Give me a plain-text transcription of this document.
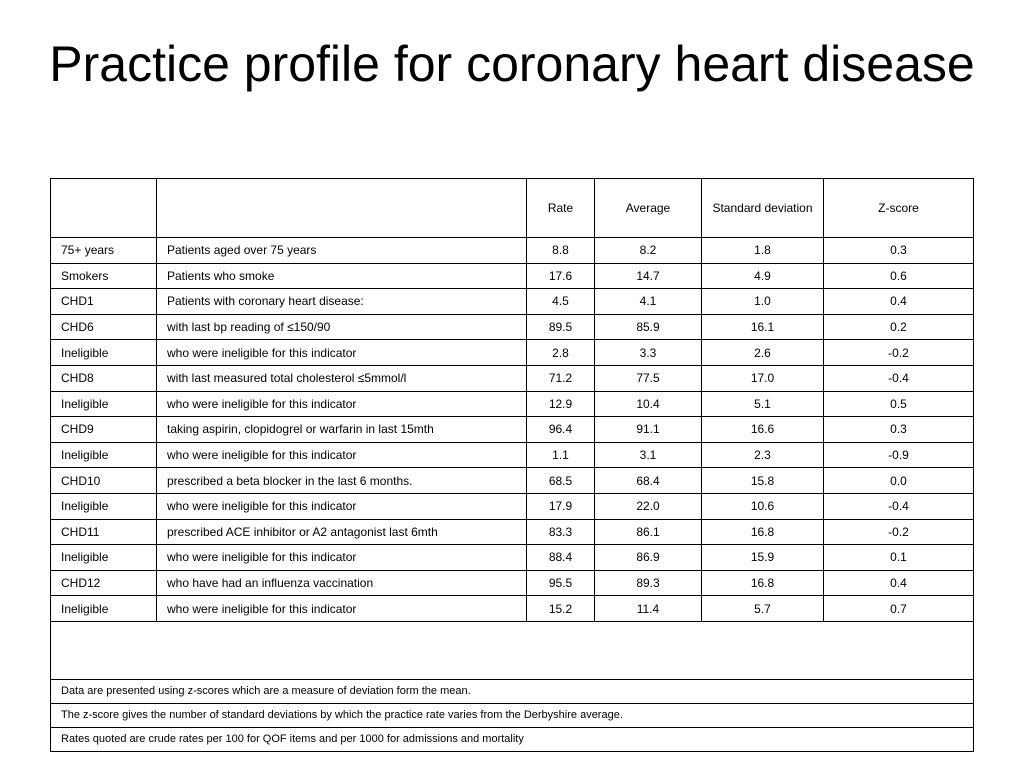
Practice profile for coronary heart disease
		Rate	Average	Standard deviation	Z-score
75+ years	Patients aged over 75 years	8.8	8.2	1.8	0.3
Smokers	Patients who smoke	17.6	14.7	4.9	0.6
CHD1	Patients with coronary heart disease:	4.5	4.1	1.0	0.4
CHD6	with last bp reading of ≤150/90	89.5	85.9	16.1	0.2
Ineligible	who were ineligible for this indicator	2.8	3.3	2.6	-0.2
CHD8	with last measured total cholesterol ≤5mmol/l	71.2	77.5	17.0	-0.4
Ineligible	who were ineligible for this indicator	12.9	10.4	5.1	0.5
CHD9	taking aspirin, clopidogrel or warfarin in last 15mth	96.4	91.1	16.6	0.3
Ineligible	who were ineligible for this indicator	1.1	3.1	2.3	-0.9
CHD10	prescribed a beta blocker in the last 6 months.	68.5	68.4	15.8	0.0
Ineligible	who were ineligible for this indicator	17.9	22.0	10.6	-0.4
CHD11	prescribed ACE inhibitor or A2 antagonist last 6mth	83.3	86.1	16.8	-0.2
Ineligible	who were ineligible for this indicator	88.4	86.9	15.9	0.1
CHD12	who have had an influenza vaccination	95.5	89.3	16.8	0.4
Ineligible	who were ineligible for this indicator	15.2	11.4	5.7	0.7

Data are presented using z-scores which are a measure of deviation form the mean.					
The z-score gives the number of standard deviations by which the practice rate varies from the Derbyshire average.					
Rates quoted are crude rates per 100 for QOF items and per 1000 for admissions and mortality					
